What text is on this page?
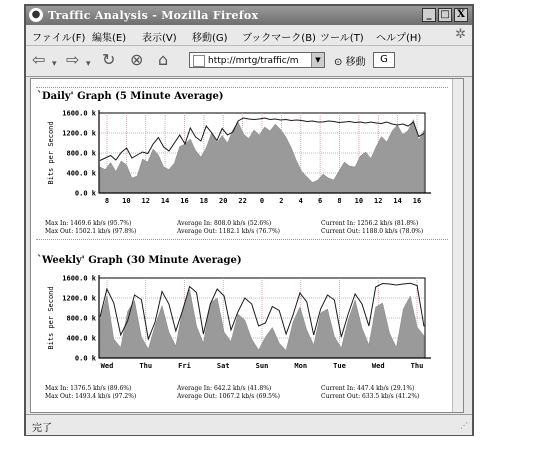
● Traffic Analysis - Mozilla Firefox	_ □ X
ファイル(F) 編集(E) 表示(V) 移動(G) ブックマーク(B) ツール(T) ヘルプ(H)	✲
⇦ ▾ ⇨ ▾ ↻ ⊗ ⌂	http://mrtg/traffic/m	▼	⊙ 移動	G
`Daily' Graph (5 Minute Average)
Bits per Second
0.0 k
400.0 k
800.0 k
1200.0 k
1600.0 k
8 10 12 14 16 18 20 22 0 2 4 6 8 10 12 14 16
Max In: 1469.6 kb/s (95.7%)	Average In: 808.0 kb/s (52.6%)	Current In: 1256.2 kb/s (81.8%)
Max Out: 1502.1 kb/s (97.8%)	Average Out: 1182.1 kb/s (76.7%)	Current Out: 1188.0 kb/s (78.0%)
`Weekly' Graph (30 Minute Average)
Bits per Second
0.0 k
400.0 k
800.0 k
1200.0 k
1600.0 k
Wed	Thu	Fri	Sat	Sun	Mon	Tue	Wed	Thu
Max In: 1376.5 kb/s (89.6%)	Average In: 642.2 kb/s (41.8%)	Current In: 447.4 kb/s (29.1%)
Max Out: 1493.4 kb/s (97.2%)	Average Out: 1067.2 kb/s (69.5%)	Current Out: 633.5 kb/s (41.2%)
完了	⋰
